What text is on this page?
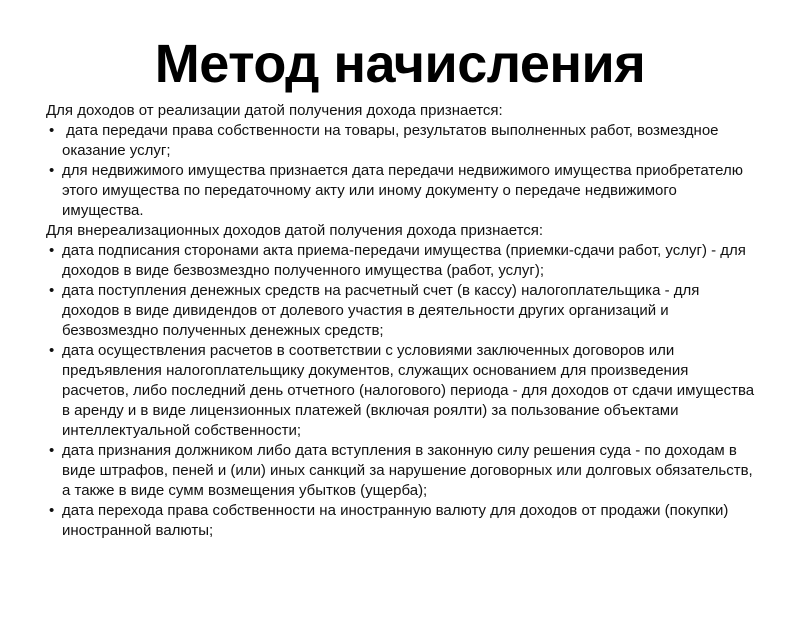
Метод начисления

Для доходов от реализации датой получения дохода признается:

• дата передачи права собственности на товары, результатов выполненных работ, возмездное оказание услуг;
• для недвижимого имущества признается дата передачи недвижимого имущества приобретателю этого имущества по передаточному акту или иному документу о передаче недвижимого имущества.

Для внереализационных доходов датой получения дохода признается:

• дата подписания сторонами акта приема-передачи имущества (приемки-сдачи работ, услуг) - для доходов в виде безвозмездно полученного имущества (работ, услуг);
• дата поступления денежных средств на расчетный счет (в кассу) налогоплательщика - для доходов в виде дивидендов от долевого участия в деятельности других организаций и безвозмездно полученных денежных средств;
• дата осуществления расчетов в соответствии с условиями заключенных договоров или предъявления налогоплательщику документов, служащих основанием для произведения расчетов, либо последний день отчетного (налогового) периода - для доходов от сдачи имущества в аренду и в виде лицензионных платежей (включая роялти) за пользование объектами интеллектуальной собственности;
• дата признания должником либо дата вступления в законную силу решения суда - по доходам в виде штрафов, пеней и (или) иных санкций за нарушение договорных или долговых обязательств, а также в виде сумм возмещения убытков (ущерба);
• дата перехода права собственности на иностранную валюту для доходов от продажи (покупки) иностранной валюты;
